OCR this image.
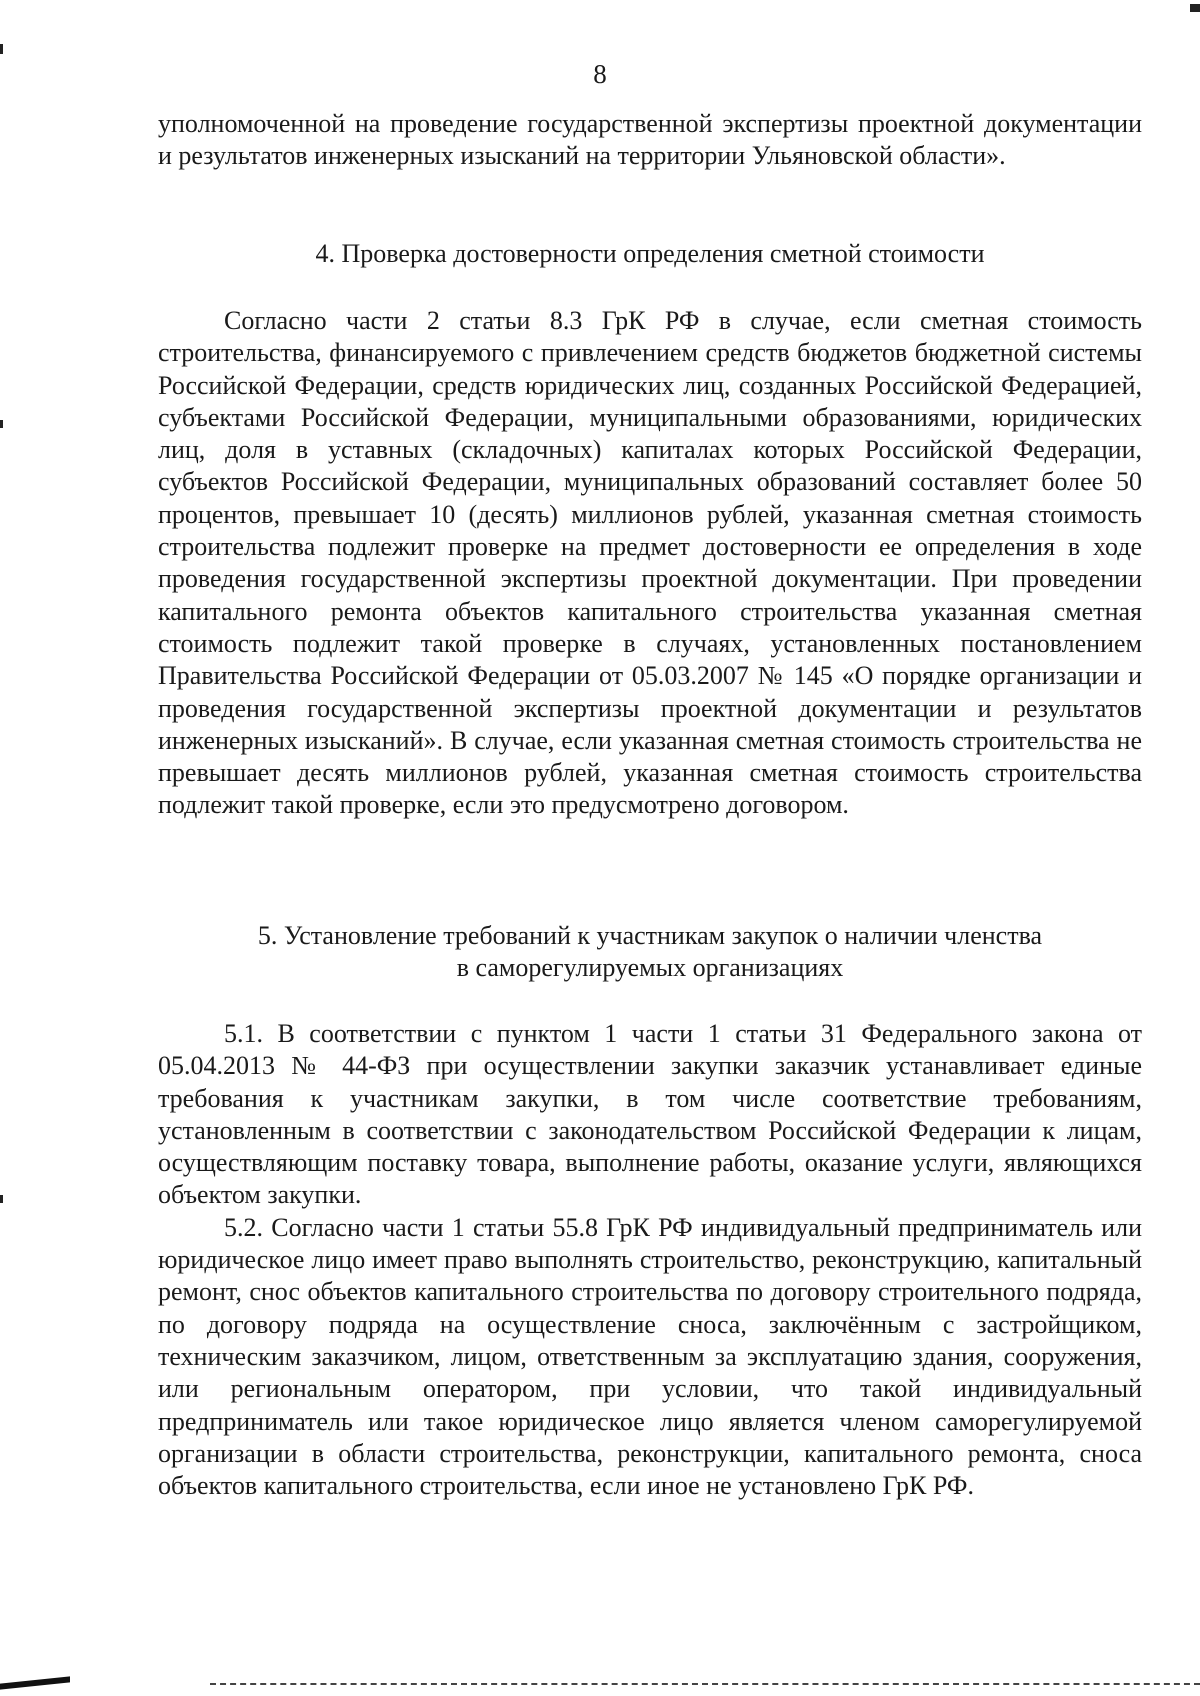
8

уполномоченной на проведение государственной экспертизы проектной документации и результатов инженерных изысканий на территории Ульяновской области».

4. Проверка достоверности определения сметной стоимости

Согласно части 2 статьи 8.3 ГрК РФ в случае, если сметная стоимость строительства, финансируемого с привлечением средств бюджетов бюджетной системы Российской Федерации, средств юридических лиц, созданных Российской Федерацией, субъектами Российской Федерации, муниципальными образованиями, юридических лиц, доля в уставных (складочных) капиталах которых Российской Федерации, субъектов Российской Федерации, муниципальных образований составляет более 50 процентов, превышает 10 (десять) миллионов рублей, указанная сметная стоимость строительства подлежит проверке на предмет достоверности ее определения в ходе проведения государственной экспертизы проектной документации. При проведении капитального ремонта объектов капитального строительства указанная сметная стоимость подлежит такой проверке в случаях, установленных постановлением Правительства Российской Федерации от 05.03.2007 № 145 «О порядке организации и проведения государственной экспертизы проектной документации и результатов инженерных изысканий». В случае, если указанная сметная стоимость строительства не превышает десять миллионов рублей, указанная сметная стоимость строительства подлежит такой проверке, если это предусмотрено договором.

5. Установление требований к участникам закупок о наличии членства
в саморегулируемых организациях

5.1. В соответствии с пунктом 1 части 1 статьи 31 Федерального закона от 05.04.2013 № 44-ФЗ при осуществлении закупки заказчик устанавливает единые требования к участникам закупки, в том числе соответствие требованиям, установленным в соответствии с законодательством Российской Федерации к лицам, осуществляющим поставку товара, выполнение работы, оказание услуги, являющихся объектом закупки.

5.2. Согласно части 1 статьи 55.8 ГрК РФ индивидуальный предприниматель или юридическое лицо имеет право выполнять строительство, реконструкцию, капитальный ремонт, снос объектов капитального строительства по договору строительного подряда, по договору подряда на осуществление сноса, заключённым с застройщиком, техническим заказчиком, лицом, ответственным за эксплуатацию здания, сооружения, или региональным оператором, при условии, что такой индивидуальный предприниматель или такое юридическое лицо является членом саморегулируемой организации в области строительства, реконструкции, капитального ремонта, сноса объектов капитального строительства, если иное не установлено ГрК РФ.
